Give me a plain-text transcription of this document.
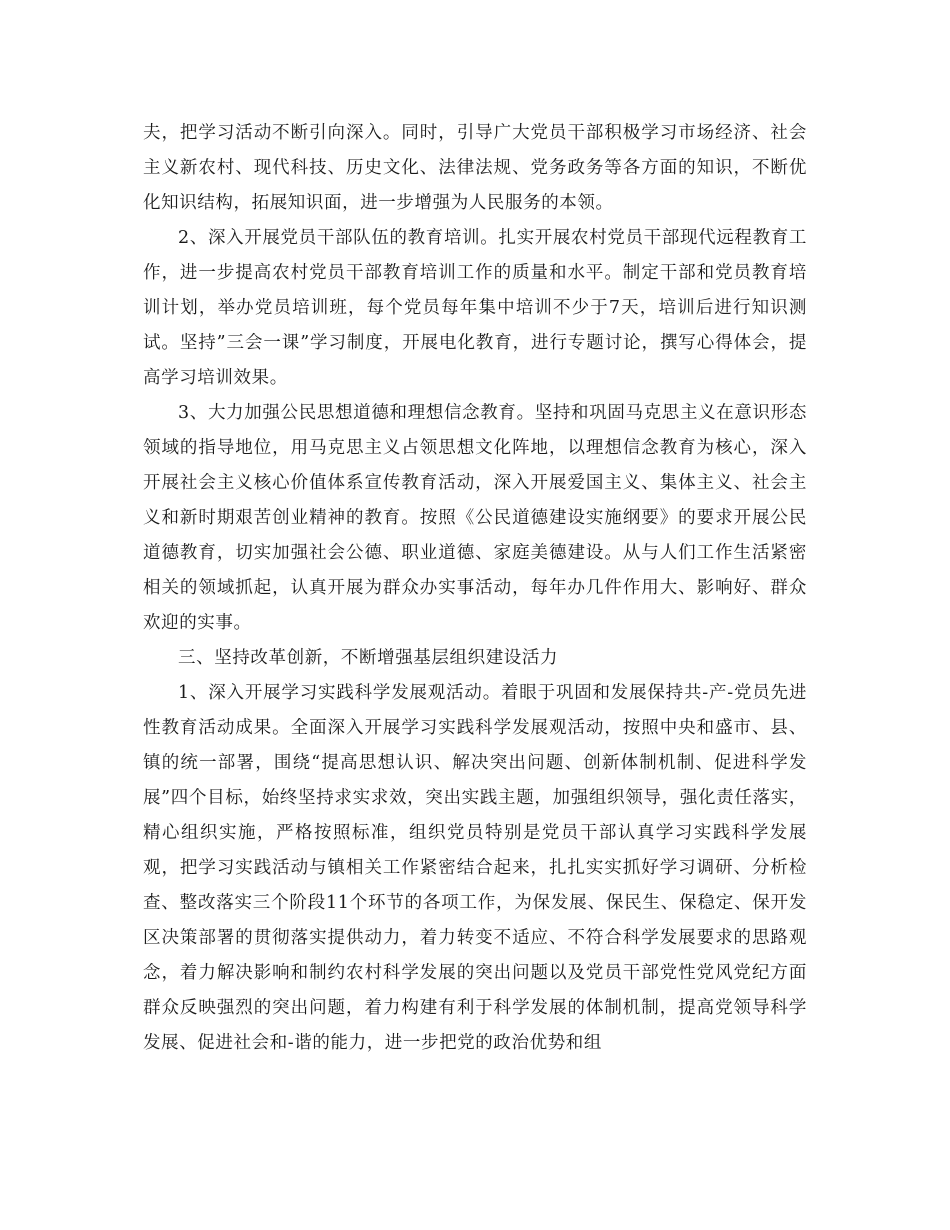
夫，把学习活动不断引向深入。同时，引导广大党员干部积极学习市场经济、社会主义新农村、现代科技、历史文化、法律法规、党务政务等各方面的知识，不断优化知识结构，拓展知识面，进一步增强为人民服务的本领。

2、深入开展党员干部队伍的教育培训。扎实开展农村党员干部现代远程教育工作，进一步提高农村党员干部教育培训工作的质量和水平。制定干部和党员教育培训计划，举办党员培训班，每个党员每年集中培训不少于7天，培训后进行知识测试。坚持”三会一课”学习制度，开展电化教育，进行专题讨论，撰写心得体会，提高学习培训效果。

3、大力加强公民思想道德和理想信念教育。坚持和巩固马克思主义在意识形态领域的指导地位，用马克思主义占领思想文化阵地，以理想信念教育为核心，深入开展社会主义核心价值体系宣传教育活动，深入开展爱国主义、集体主义、社会主义和新时期艰苦创业精神的教育。按照《公民道德建设实施纲要》的要求开展公民道德教育，切实加强社会公德、职业道德、家庭美德建设。从与人们工作生活紧密相关的领域抓起，认真开展为群众办实事活动，每年办几件作用大、影响好、群众欢迎的实事。

三、坚持改革创新，不断增强基层组织建设活力

1、深入开展学习实践科学发展观活动。着眼于巩固和发展保持共-产-党员先进性教育活动成果。全面深入开展学习实践科学发展观活动，按照中央和盛市、县、镇的统一部署，围绕“提高思想认识、解决突出问题、创新体制机制、促进科学发展”四个目标，始终坚持求实求效，突出实践主题，加强组织领导，强化责任落实，精心组织实施，严格按照标准，组织党员特别是党员干部认真学习实践科学发展观，把学习实践活动与镇相关工作紧密结合起来，扎扎实实抓好学习调研、分析检查、整改落实三个阶段11个环节的各项工作，为保发展、保民生、保稳定、保开发区决策部署的贯彻落实提供动力，着力转变不适应、不符合科学发展要求的思路观念，着力解决影响和制约农村科学发展的突出问题以及党员干部党性党风党纪方面群众反映强烈的突出问题，着力构建有利于科学发展的体制机制，提高党领导科学发展、促进社会和-谐的能力，进一步把党的政治优势和组
